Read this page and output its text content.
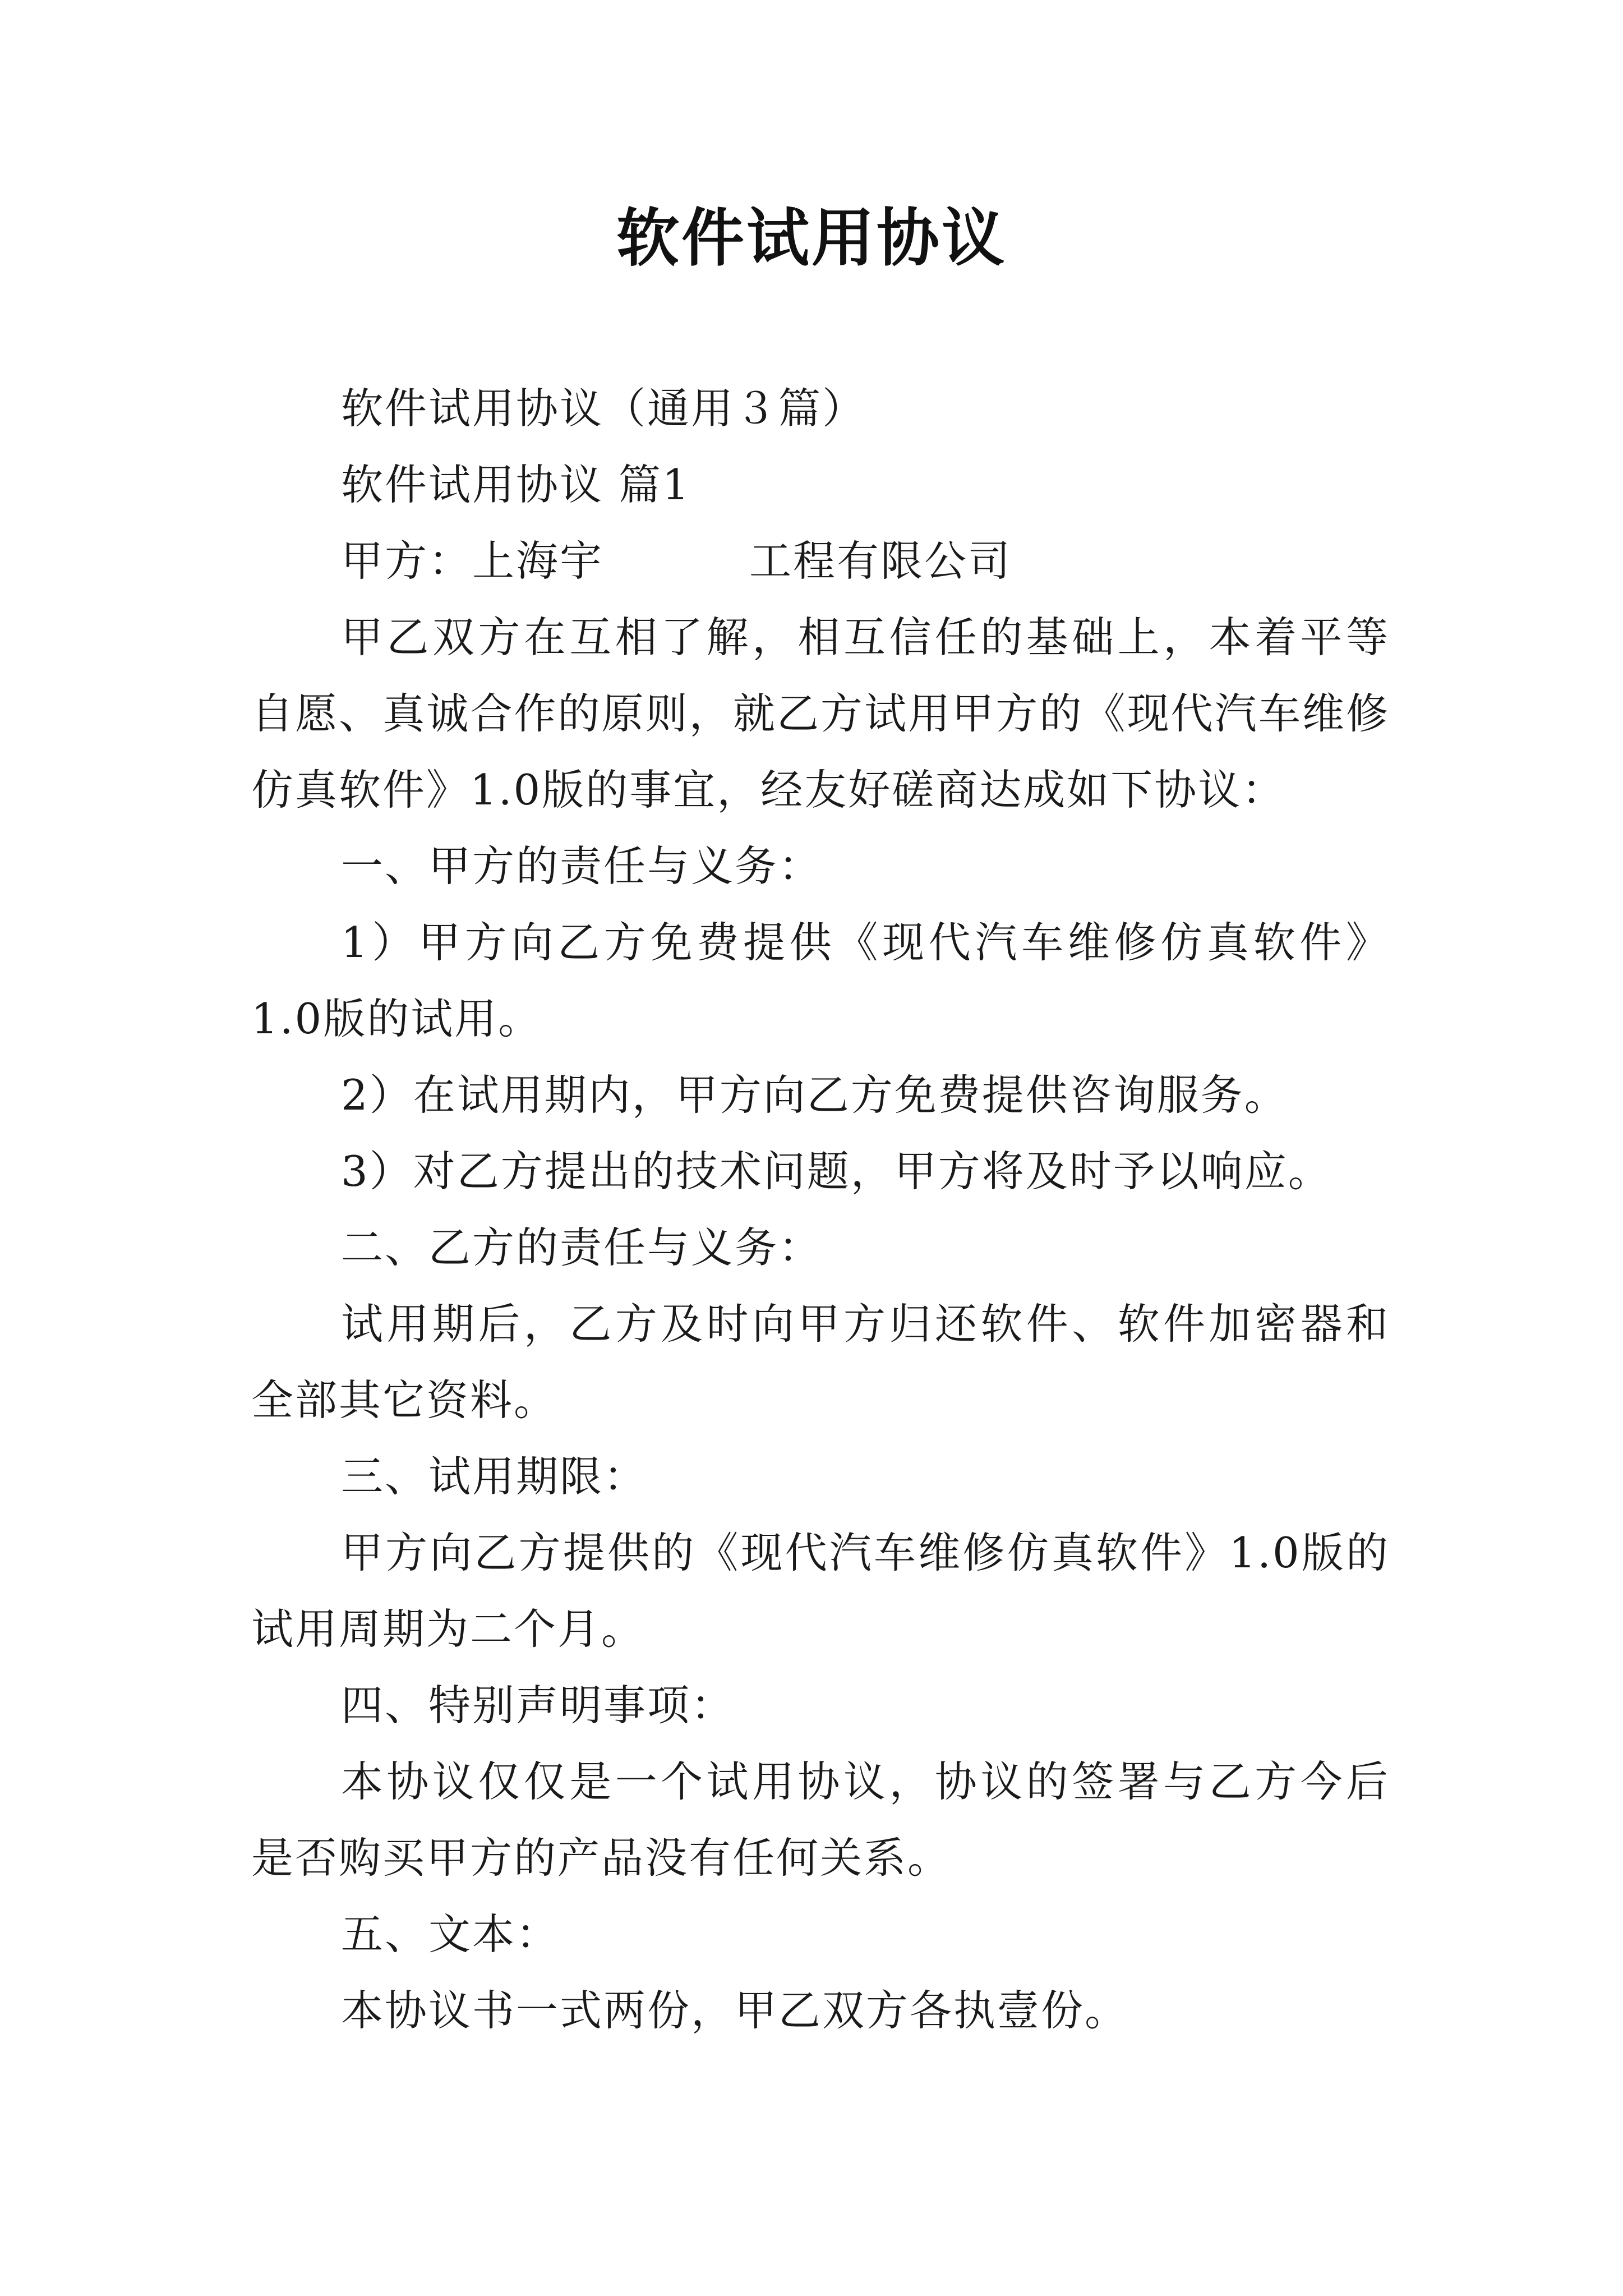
软件试用协议

软件试用协议（通用３篇）

软件试用协议 篇1

甲方：上海宇	工程有限公司

甲乙双方在互相了解，相互信任的基础上，本着平等自愿、真诚合作的原则，就乙方试用甲方的《现代汽车维修仿真软件》1.0版的事宜，经友好磋商达成如下协议：

一、甲方的责任与义务：

1）甲方向乙方免费提供《现代汽车维修仿真软件》1.0版的试用。

2）在试用期内，甲方向乙方免费提供咨询服务。

3）对乙方提出的技术问题，甲方将及时予以响应。

二、乙方的责任与义务：

试用期后，乙方及时向甲方归还软件、软件加密器和全部其它资料。

三、试用期限：

甲方向乙方提供的《现代汽车维修仿真软件》1.0版的试用周期为二个月。

四、特别声明事项：

本协议仅仅是一个试用协议，协议的签署与乙方今后是否购买甲方的产品没有任何关系。

五、文本：

本协议书一式两份，甲乙双方各执壹份。
